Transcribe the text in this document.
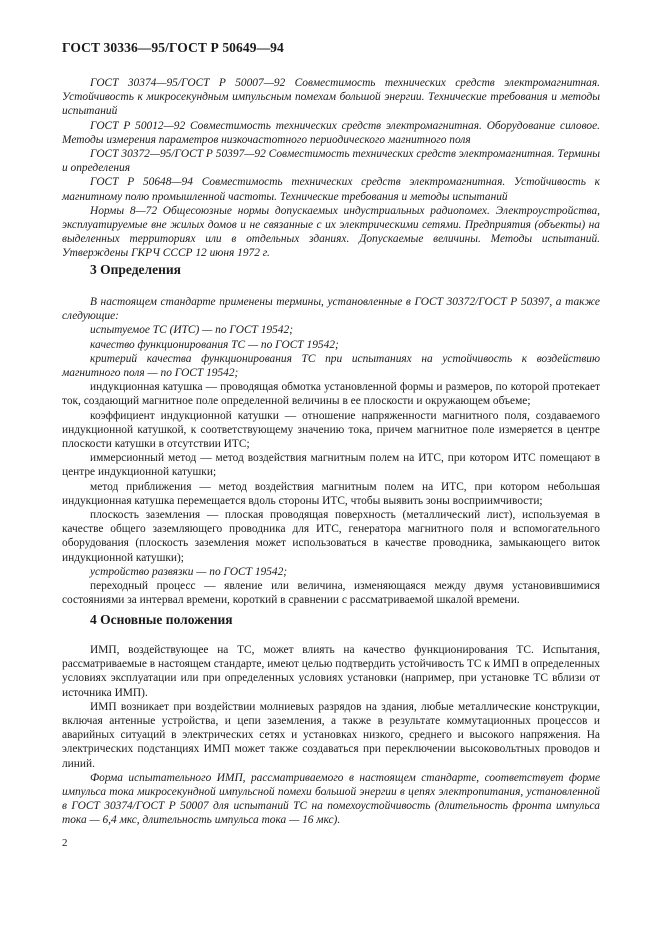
ГОСТ 30336—95/ГОСТ Р 50649—94

ГОСТ 30374—95/ГОСТ Р 50007—92 Совместимость технических средств электромагнитная. Устойчивость к микросекундным импульсным помехам большой энергии. Технические требования и методы испытаний

ГОСТ Р 50012—92 Совместимость технических средств электромагнитная. Оборудование силовое. Методы измерения параметров низкочастотного периодического магнитного поля

ГОСТ 30372—95/ГОСТ Р 50397—92 Совместимость технических средств электромагнитная. Термины и определения

ГОСТ Р 50648—94 Совместимость технических средств электромагнитная. Устойчивость к магнитному полю промышленной частоты. Технические требования и методы испытаний

Нормы 8—72 Общесоюзные нормы допускаемых индустриальных радиопомех. Электроустройства, эксплуатируемые вне жилых домов и не связанные с их электрическими сетями. Предприятия (объекты) на выделенных территориях или в отдельных зданиях. Допускаемые величины. Методы испытаний. Утверждены ГКРЧ СССР 12 июня 1972 г.

3 Определения

В настоящем стандарте применены термины, установленные в ГОСТ 30372/ГОСТ Р 50397, а также следующие:

испытуемое ТС (ИТС) — по ГОСТ 19542;

качество функционирования ТС — по ГОСТ 19542;

критерий качества функционирования ТС при испытаниях на устойчивость к воздействию магнитного поля — по ГОСТ 19542;

индукционная катушка — проводящая обмотка установленной формы и размеров, по которой протекает ток, создающий магнитное поле определенной величины в ее плоскости и окружающем объеме;

коэффициент индукционной катушки — отношение напряженности магнитного поля, создаваемого индукционной катушкой, к соответствующему значению тока, причем магнитное поле измеряется в центре плоскости катушки в отсутствии ИТС;

иммерсионный метод — метод воздействия магнитным полем на ИТС, при котором ИТС помещают в центре индукционной катушки;

метод приближения — метод воздействия магнитным полем на ИТС, при котором небольшая индукционная катушка перемещается вдоль стороны ИТС, чтобы выявить зоны восприимчивости;

плоскость заземления — плоская проводящая поверхность (металлический лист), используемая в качестве общего заземляющего проводника для ИТС, генератора магнитного поля и вспомогательного оборудования (плоскость заземления может использоваться в качестве проводника, замыкающего виток индукционной катушки);

устройство развязки — по ГОСТ 19542;

переходный процесс — явление или величина, изменяющаяся между двумя установившимися состояниями за интервал времени, короткий в сравнении с рассматриваемой шкалой времени.

4 Основные положения

ИМП, воздействующее на ТС, может влиять на качество функционирования ТС. Испытания, рассматриваемые в настоящем стандарте, имеют целью подтвердить устойчивость ТС к ИМП в определенных условиях эксплуатации или при определенных условиях установки (например, при установке ТС вблизи от источника ИМП).

ИМП возникает при воздействии молниевых разрядов на здания, любые металлические конструкции, включая антенные устройства, и цепи заземления, а также в результате коммутационных процессов и аварийных ситуаций в электрических сетях и установках низкого, среднего и высокого напряжения. На электрических подстанциях ИМП может также создаваться при переключении высоковольтных проводов и линий.

Форма испытательного ИМП, рассматриваемого в настоящем стандарте, соответствует форме импульса тока микросекундной импульсной помехи большой энергии в цепях электропитания, установленной в ГОСТ 30374/ГОСТ Р 50007 для испытаний ТС на помехоустойчивость (длительность фронта импульса тока — 6,4 мкс, длительность импульса тока — 16 мкс).

2
